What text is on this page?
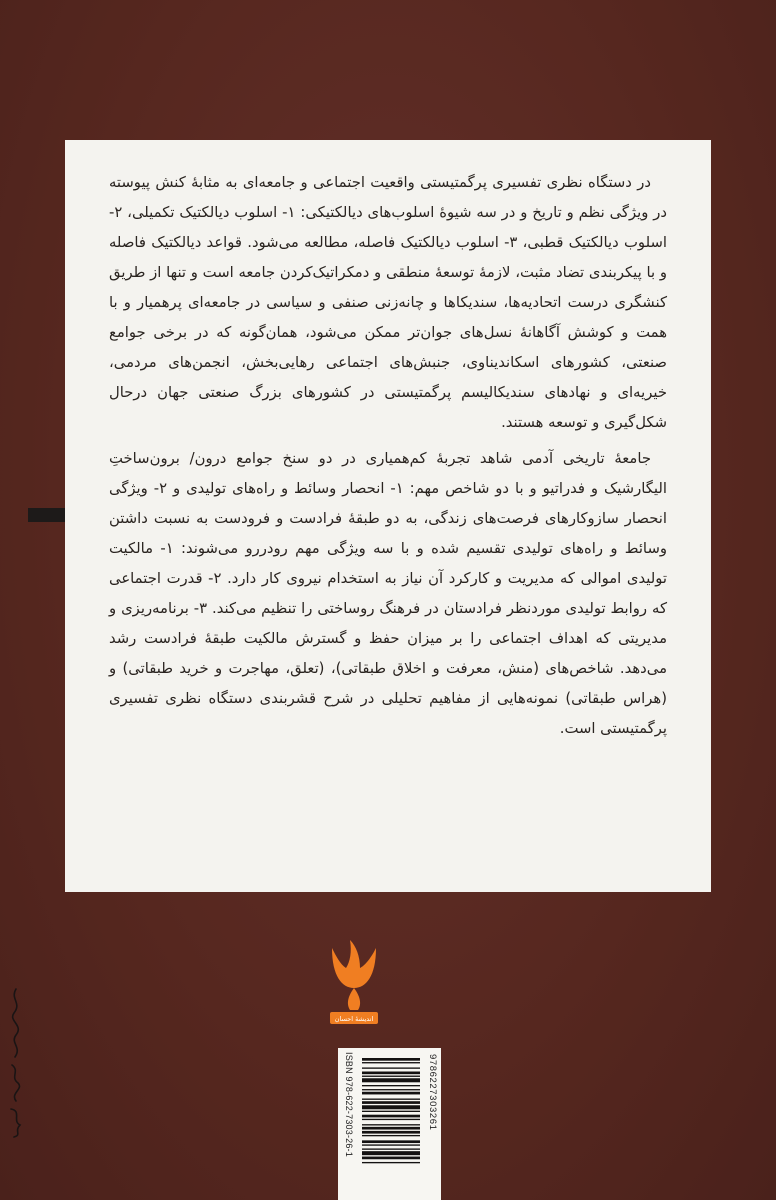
در دستگاه نظری تفسیری پرگمتیستی واقعیت اجتماعی و جامعه‌ای به مثابهٔ کنش پیوسته در ویژگی نظم و تاریخ و در سه شیوهٔ اسلوب‌های دیالکتیکی: ۱- اسلوب دیالکتیک تکمیلی، ۲- اسلوب دیالکتیک قطبی، ۳- اسلوب دیالکتیک فاصله، مطالعه می‌شود. قواعد دیالکتیک فاصله و با پیکربندی تضاد مثبت، لازمهٔ توسعهٔ منطقی و دمکراتیک‌کردن جامعه است و تنها از طریق کنشگری درست اتحادیه‌ها، سندیکاها و چانه‌زنی صنفی و سیاسی در جامعه‌ای پرهمیار و با همت و کوشش آگاهانهٔ نسل‌های جوان‌تر ممکن می‌شود، همان‌گونه که در برخی جوامع صنعتی، کشورهای اسکاندیناوی، جنبش‌های اجتماعی رهایی‌بخش، انجمن‌های مردمی، خیریه‌ای و نهادهای سندیکالیسم پرگمتیستی در کشورهای بزرگ صنعتی جهان درحال شکل‌گیری و توسعه هستند.

جامعهٔ تاریخی آدمی شاهد تجربهٔ کم‌همیاری در دو سنخ جوامع درون/ برون‌ساختِ الیگارشیک و فدراتیو و با دو شاخص مهم: ۱- انحصار وسائط و راه‌های تولیدی و ۲- ویژگی انحصار سازوکارهای فرصت‌های زندگی، به دو طبقهٔ فرادست و فرودست به نسبت داشتن وسائط و راه‌های تولیدی تقسیم شده و با سه ویژگی مهم رودررو می‌شوند: ۱- مالکیت تولیدی اموالی که مدیریت و کارکرد آن نیاز به استخدام نیروی کار دارد. ۲- قدرت اجتماعی که روابط تولیدی موردنظر فرادستان در فرهنگ روساختی را تنظیم می‌کند. ۳- برنامه‌ریزی و مدیریتی که اهداف اجتماعی را بر میزان حفظ و گسترش مالکیت طبقهٔ فرادست رشد می‌دهد. شاخص‌های (منش، معرفت و اخلاق طبقاتی)، (تعلق، مهاجرت و خرید طبقاتی) و (هراس طبقاتی) نمونه‌هایی از مفاهیم تحلیلی در شرح قشربندی دستگاه نظری تفسیری پرگمتیستی است.

اندیشهٔ احسان
ISBN 978-622-7303-26-1	9786227303261
